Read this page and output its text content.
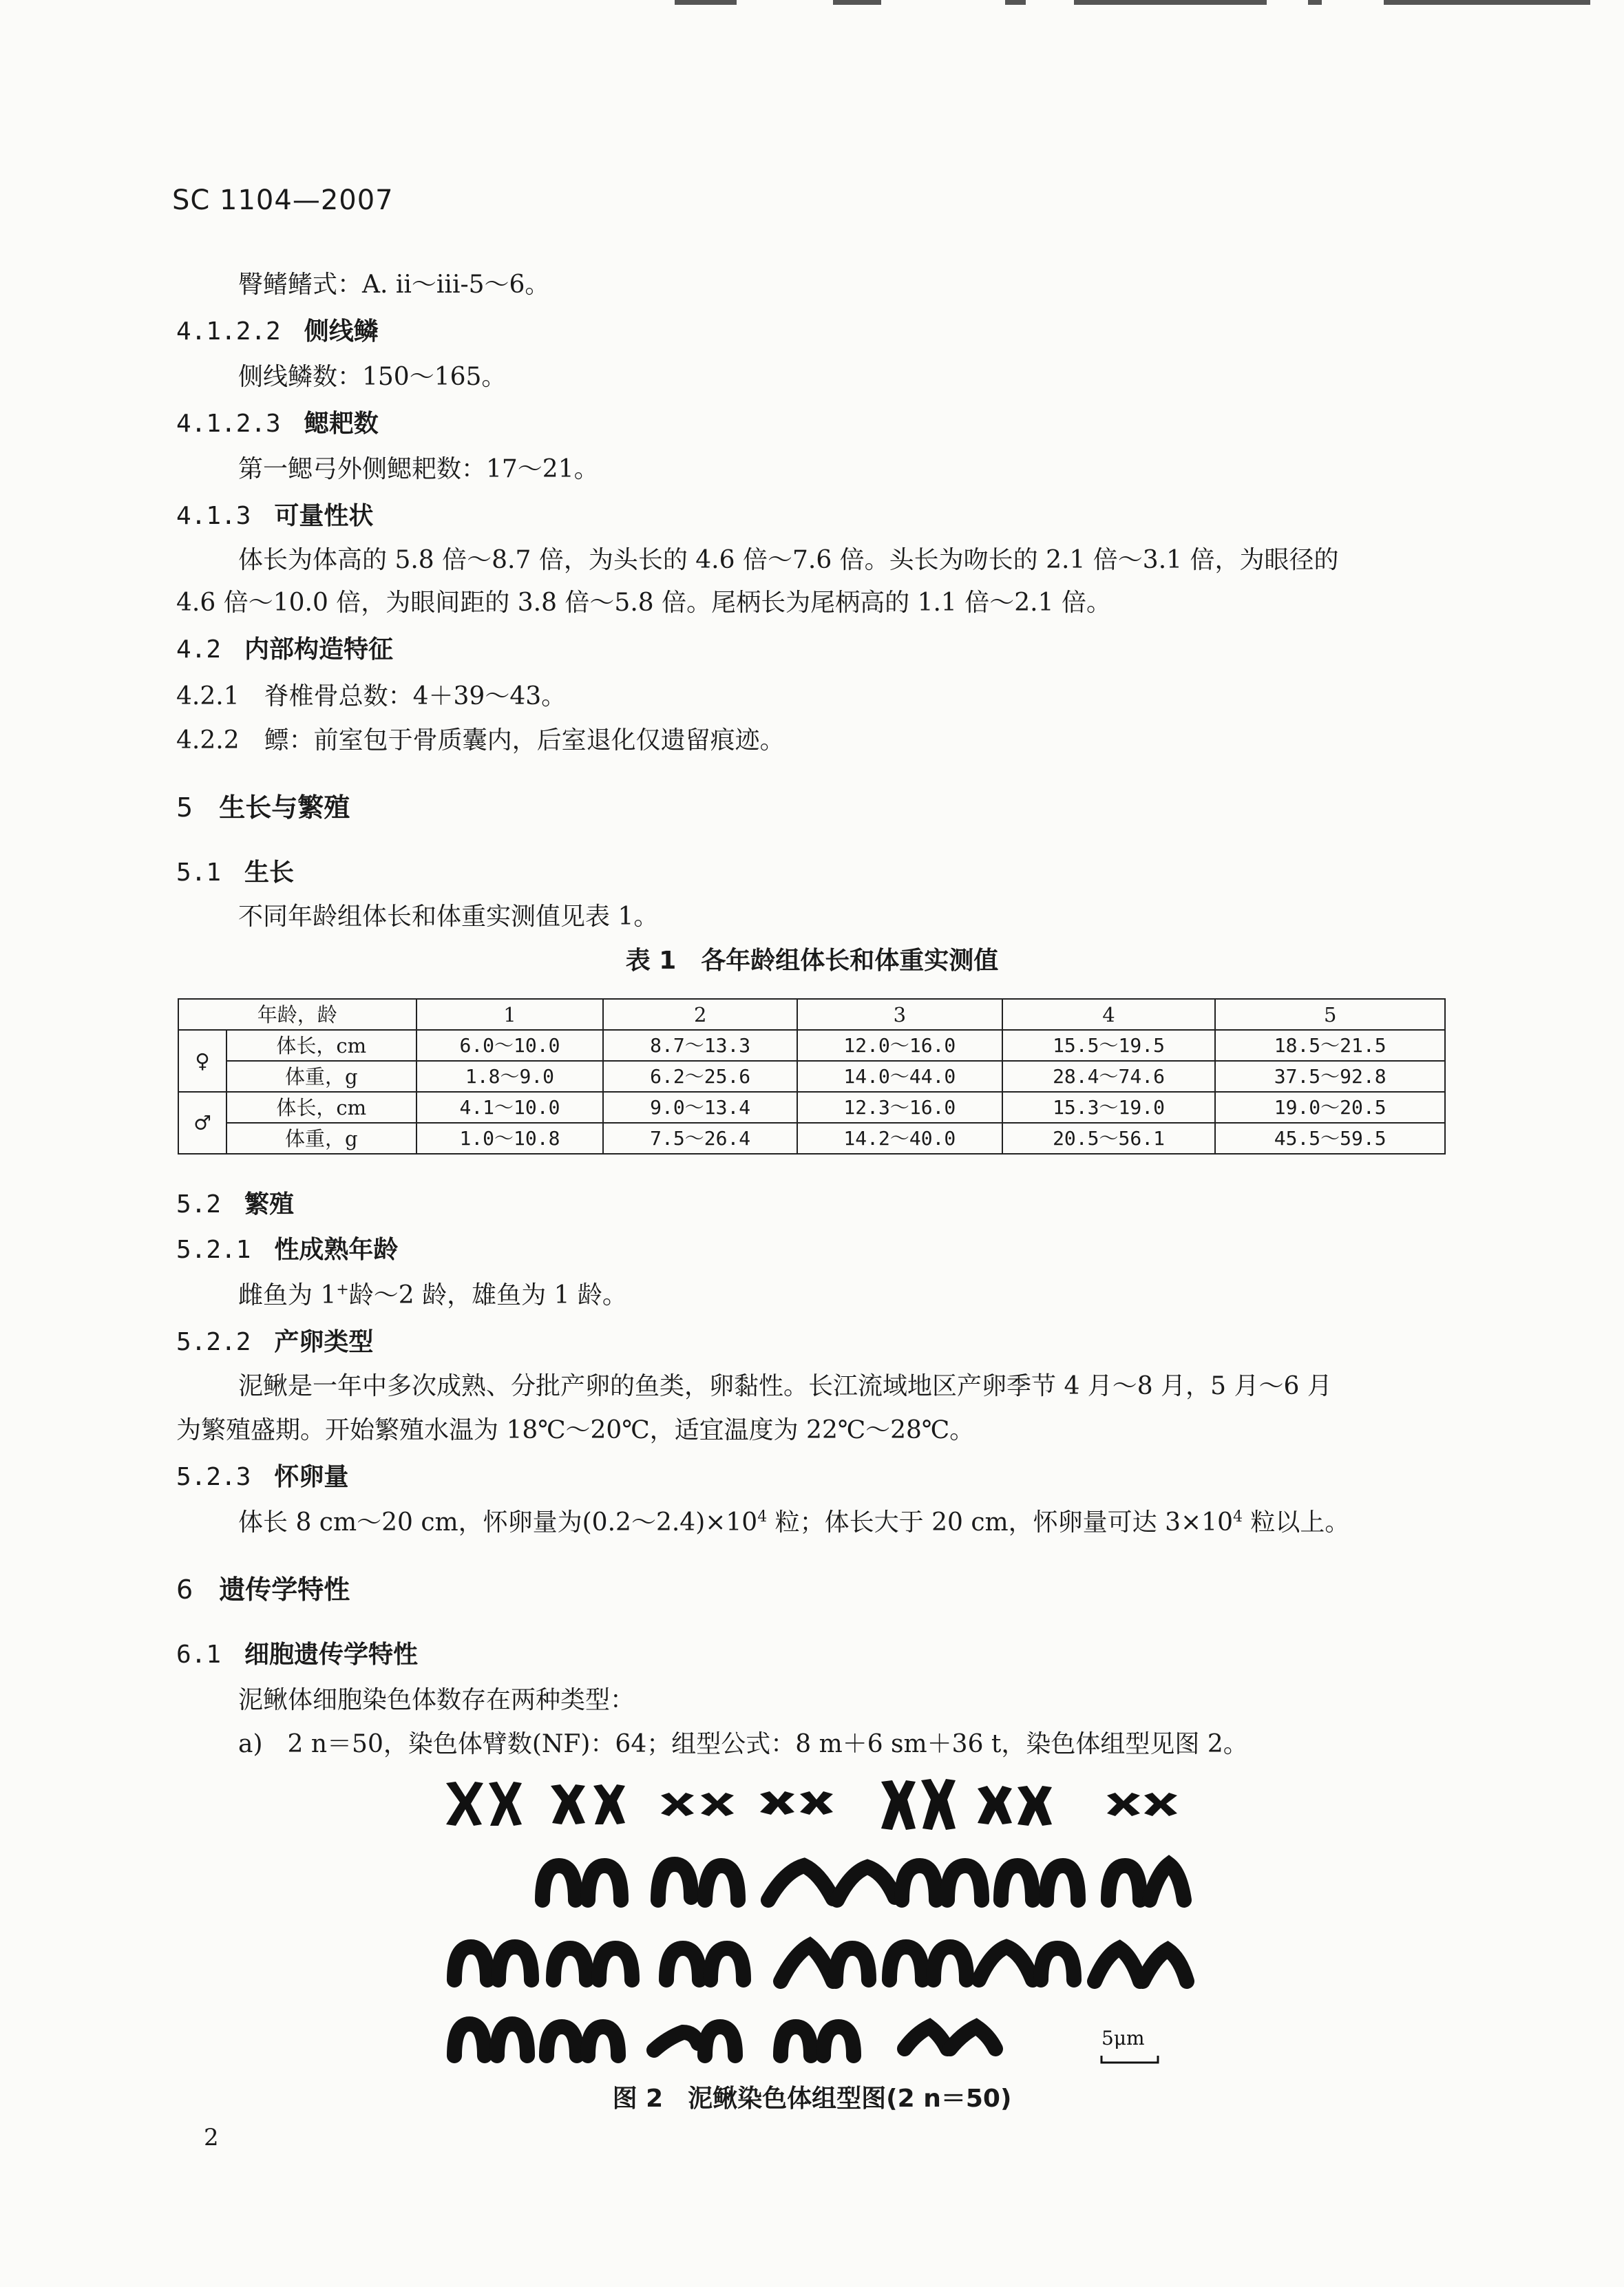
SC 1104—2007
臀鳍鳍式：A. ii～iii-5～6。
4.1.2.2 侧线鳞
侧线鳞数：150～165。
4.1.2.3 鳃耙数
第一鳃弓外侧鳃耙数：17～21。
4.1.3 可量性状
体长为体高的 5.8 倍～8.7 倍，为头长的 4.6 倍～7.6 倍。头长为吻长的 2.1 倍～3.1 倍，为眼径的
4.6 倍～10.0 倍，为眼间距的 3.8 倍～5.8 倍。尾柄长为尾柄高的 1.1 倍～2.1 倍。
4.2 内部构造特征
4.2.1　脊椎骨总数：4＋39～43。
4.2.2　鳔：前室包于骨质囊内，后室退化仅遗留痕迹。
5 生长与繁殖
5.1 生长
不同年龄组体长和体重实测值见表 1。
表 1　各年龄组体长和体重实测值
年龄，龄		1	2	3	4	5
♀	体长，cm	6.0～10.0	8.7～13.3	12.0～16.0	15.5～19.5	18.5～21.5
	体重，g	1.8～9.0	6.2～25.6	14.0～44.0	28.4～74.6	37.5～92.8
♂	体长，cm	4.1～10.0	9.0～13.4	12.3～16.0	15.3～19.0	19.0～20.5
	体重，g	1.0～10.8	7.5～26.4	14.2～40.0	20.5～56.1	45.5～59.5
5.2 繁殖
5.2.1 性成熟年龄
雌鱼为 1+龄～2 龄，雄鱼为 1 龄。
5.2.2 产卵类型
泥鳅是一年中多次成熟、分批产卵的鱼类，卵黏性。长江流域地区产卵季节 4 月～8 月，5 月～6 月
为繁殖盛期。开始繁殖水温为 18℃～20℃，适宜温度为 22℃～28℃。
5.2.3 怀卵量
体长 8 cm～20 cm，怀卵量为$(0.2\sim 2.4)\times 10^4$ 粒；体长大于 20 cm，怀卵量可达 $3\times 10^4$ 粒以上。
6 遗传学特性
6.1 细胞遗传学特性
泥鳅体细胞染色体数存在两种类型：
a)　2 n＝50，染色体臂数(NF)：64；组型公式：8 m＋6 sm＋36 t，染色体组型见图 2。
5μm
图 2　泥鳅染色体组型图(2 n＝50)
2
